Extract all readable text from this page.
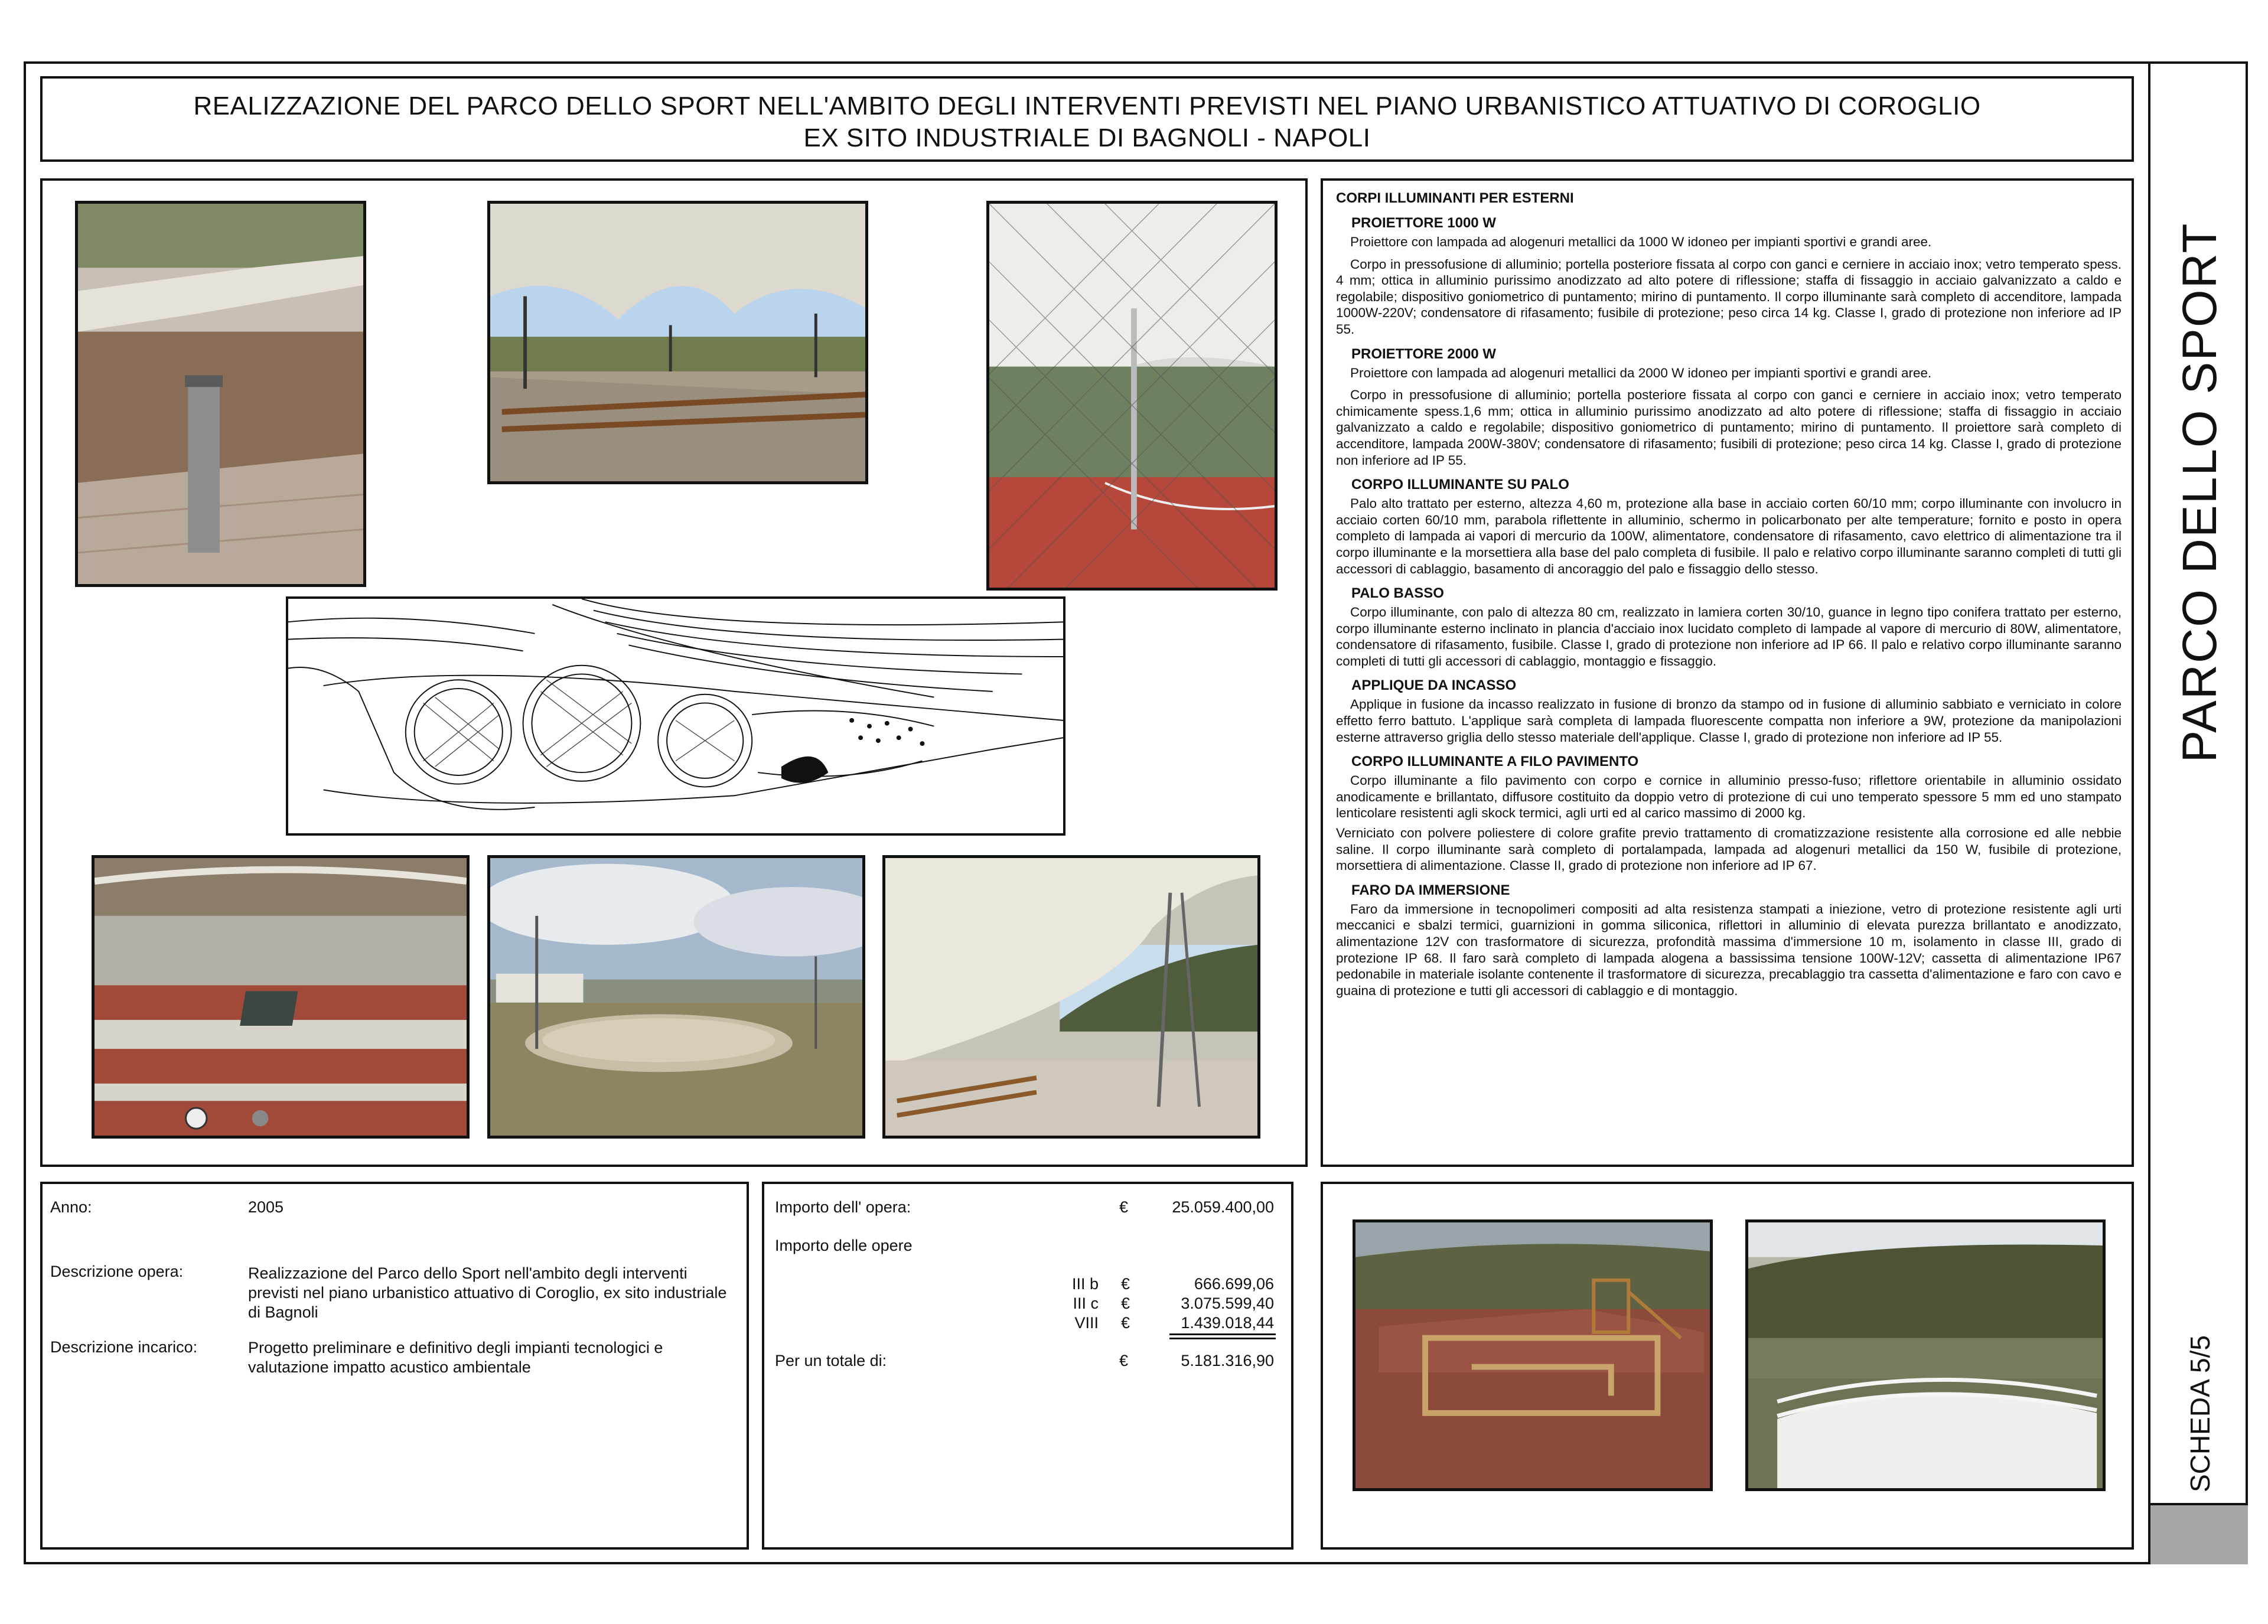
REALIZZAZIONE DEL PARCO DELLO SPORT NELL'AMBITO DEGLI INTERVENTI PREVISTI NEL PIANO URBANISTICO ATTUATIVO DI COROGLIO
EX SITO INDUSTRIALE DI BAGNOLI - NAPOLI
PARCO DELLO SPORT
SCHEDA 5/5
CORPI ILLUMINANTI PER ESTERNI
PROIETTORE 1000 W

Proiettore con lampada ad alogenuri metallici da 1000 W idoneo per impianti sportivi e grandi aree.

Corpo in pressofusione di alluminio; portella posteriore fissata al corpo con ganci e cerniere in acciaio inox; vetro temperato spess. 4 mm; ottica in alluminio purissimo anodizzato ad alto potere di riflessione; staffa di fissaggio in acciaio galvanizzato a caldo e regolabile; dispositivo goniometrico di puntamento; mirino di puntamento. Il corpo illuminante sarà completo di accenditore, lampada 1000W-220V; condensatore di rifasamento; fusibile di protezione; peso circa 14 kg. Classe I, grado di protezione non inferiore ad IP 55.

PROIETTORE 2000 W

Proiettore con lampada ad alogenuri metallici da 2000 W idoneo per impianti sportivi e grandi aree.

Corpo in pressofusione di alluminio; portella posteriore fissata al corpo con ganci e cerniere in acciaio inox; vetro temperato chimicamente spess.1,6 mm; ottica in alluminio purissimo anodizzato ad alto potere di riflessione; staffa di fissaggio in acciaio galvanizzato a caldo e regolabile; dispositivo goniometrico di puntamento; mirino di puntamento. Il proiettore sarà completo di accenditore, lampada 200W-380V; condensatore di rifasamento; fusibili di protezione; peso circa 14 kg. Classe I, grado di protezione non inferiore ad IP 55.

CORPO ILLUMINANTE SU PALO

Palo alto trattato per esterno, altezza 4,60 m, protezione alla base in acciaio corten 60/10 mm; corpo illuminante con involucro in acciaio corten 60/10 mm, parabola riflettente in alluminio, schermo in policarbonato per alte temperature; fornito e posto in opera completo di lampada ai vapori di mercurio da 100W, alimentatore, condensatore di rifasamento, cavo elettrico di alimentazione tra il corpo illuminante e la morsettiera alla base del palo completa di fusibile. Il palo e relativo corpo illuminante saranno completi di tutti gli accessori di cablaggio, basamento di ancoraggio del palo e fissaggio dello stesso.

PALO BASSO

Corpo illuminante, con palo di altezza 80 cm, realizzato in lamiera corten 30/10, guance in legno tipo conifera trattato per esterno, corpo illuminante esterno inclinato in plancia d'acciaio inox lucidato completo di lampade al vapore di mercurio di 80W, alimentatore, condensatore di rifasamento, fusibile. Classe I, grado di protezione non inferiore ad IP 66. Il palo e relativo corpo illuminante saranno completi di tutti gli accessori di cablaggio, montaggio e fissaggio.

APPLIQUE DA INCASSO

Applique in fusione da incasso realizzato in fusione di bronzo da stampo od in fusione di alluminio sabbiato e verniciato in colore effetto ferro battuto. L'applique sarà completa di lampada fluorescente compatta non inferiore a 9W, protezione da manipolazioni esterne attraverso griglia dello stesso materiale dell'applique. Classe I, grado di protezione non inferiore ad IP 55.

CORPO ILLUMINANTE A FILO PAVIMENTO

Corpo illuminante a filo pavimento con corpo e cornice in alluminio presso-fuso; riflettore orientabile in alluminio ossidato anodicamente e brillantato, diffusore costituito da doppio vetro di protezione di cui uno temperato spessore 5 mm ed uno stampato lenticolare resistenti agli skock termici, agli urti ed al carico massimo di 2000 kg.

Verniciato con polvere poliestere di colore grafite previo trattamento di cromatizzazione resistente alla corrosione ed alle nebbie saline. Il corpo illuminante sarà completo di portalampada, lampada ad alogenuri metallici da 150 W, fusibile di protezione, morsettiera di alimentazione. Classe II, grado di protezione non inferiore ad IP 67.

FARO DA IMMERSIONE

Faro da immersione in tecnopolimeri compositi ad alta resistenza stampati a iniezione, vetro di protezione resistente agli urti meccanici e sbalzi termici, guarnizioni in gomma siliconica, riflettori in alluminio di elevata purezza brillantato e anodizzato, alimentazione 12V con trasformatore di sicurezza, profondità massima d'immersione 10 m, isolamento in classe III, grado di protezione IP 68. Il faro sarà completo di lampada alogena a bassissima tensione 100W-12V; cassetta di alimentazione IP67 pedonabile in materiale isolante contenente il trasformatore di sicurezza, precablaggio tra cassetta d'alimentazione e faro con cavo e guaina di protezione e tutti gli accessori di cablaggio e di montaggio.

Anno:	2005
Descrizione opera:	Realizzazione del Parco dello Sport nell'ambito degli interventi previsti nel piano urbanistico attuativo di Coroglio, ex sito industriale di Bagnoli
Descrizione incarico:	Progetto preliminare e definitivo degli impianti tecnologici e valutazione impatto acustico ambientale
Importo dell' opera:	€	25.059.400,00
Importo delle opere
III b €	666.699,06
III c €	3.075.599,40
VIII €	1.439.018,44
Per un totale di:	€	5.181.316,90
